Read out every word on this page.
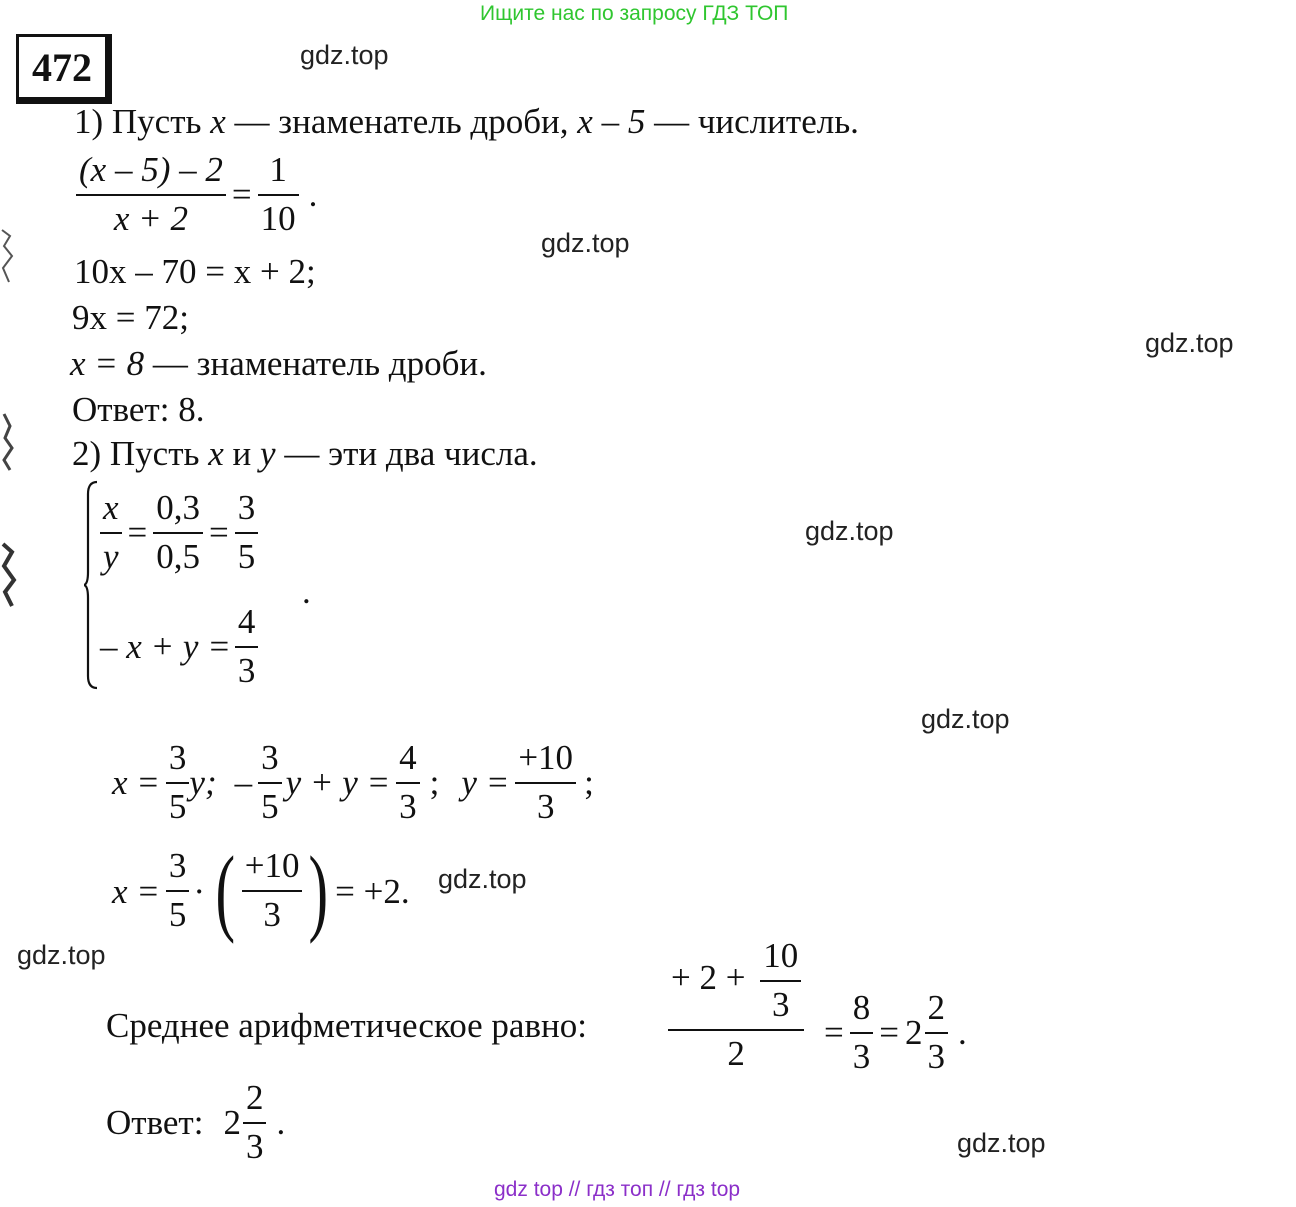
Ищите нас по запросу ГДЗ ТОП
472	gdz.top
gdz.top
gdz.top
gdz.top
gdz.top
gdz.top
gdz.top
gdz.top
1) Пусть x — знаменатель дроби, x – 5 — числитель.
(x – 5) – 2
x + 2
=
1
10
.
10x – 70 = x + 2;
9x = 72;
x = 8 — знаменатель дроби.
Ответ: 8.
2) Пусть x и y — эти два числа.
x
y
=
0,3
0,5
=
3
5
.
– x + y =
4
3
x =
3
5
y; –
3
5
y + y =
4
3
; y =
+10
3
;
x =
3
5
· ( +10
3 ) = +2.
Среднее арифметическое равно:
+ $2 + \frac{10}{3}$
2
=
8
3
= 2
2
3
.
Ответ: 2
2
3
.
gdz top // гдз топ // гдз top
